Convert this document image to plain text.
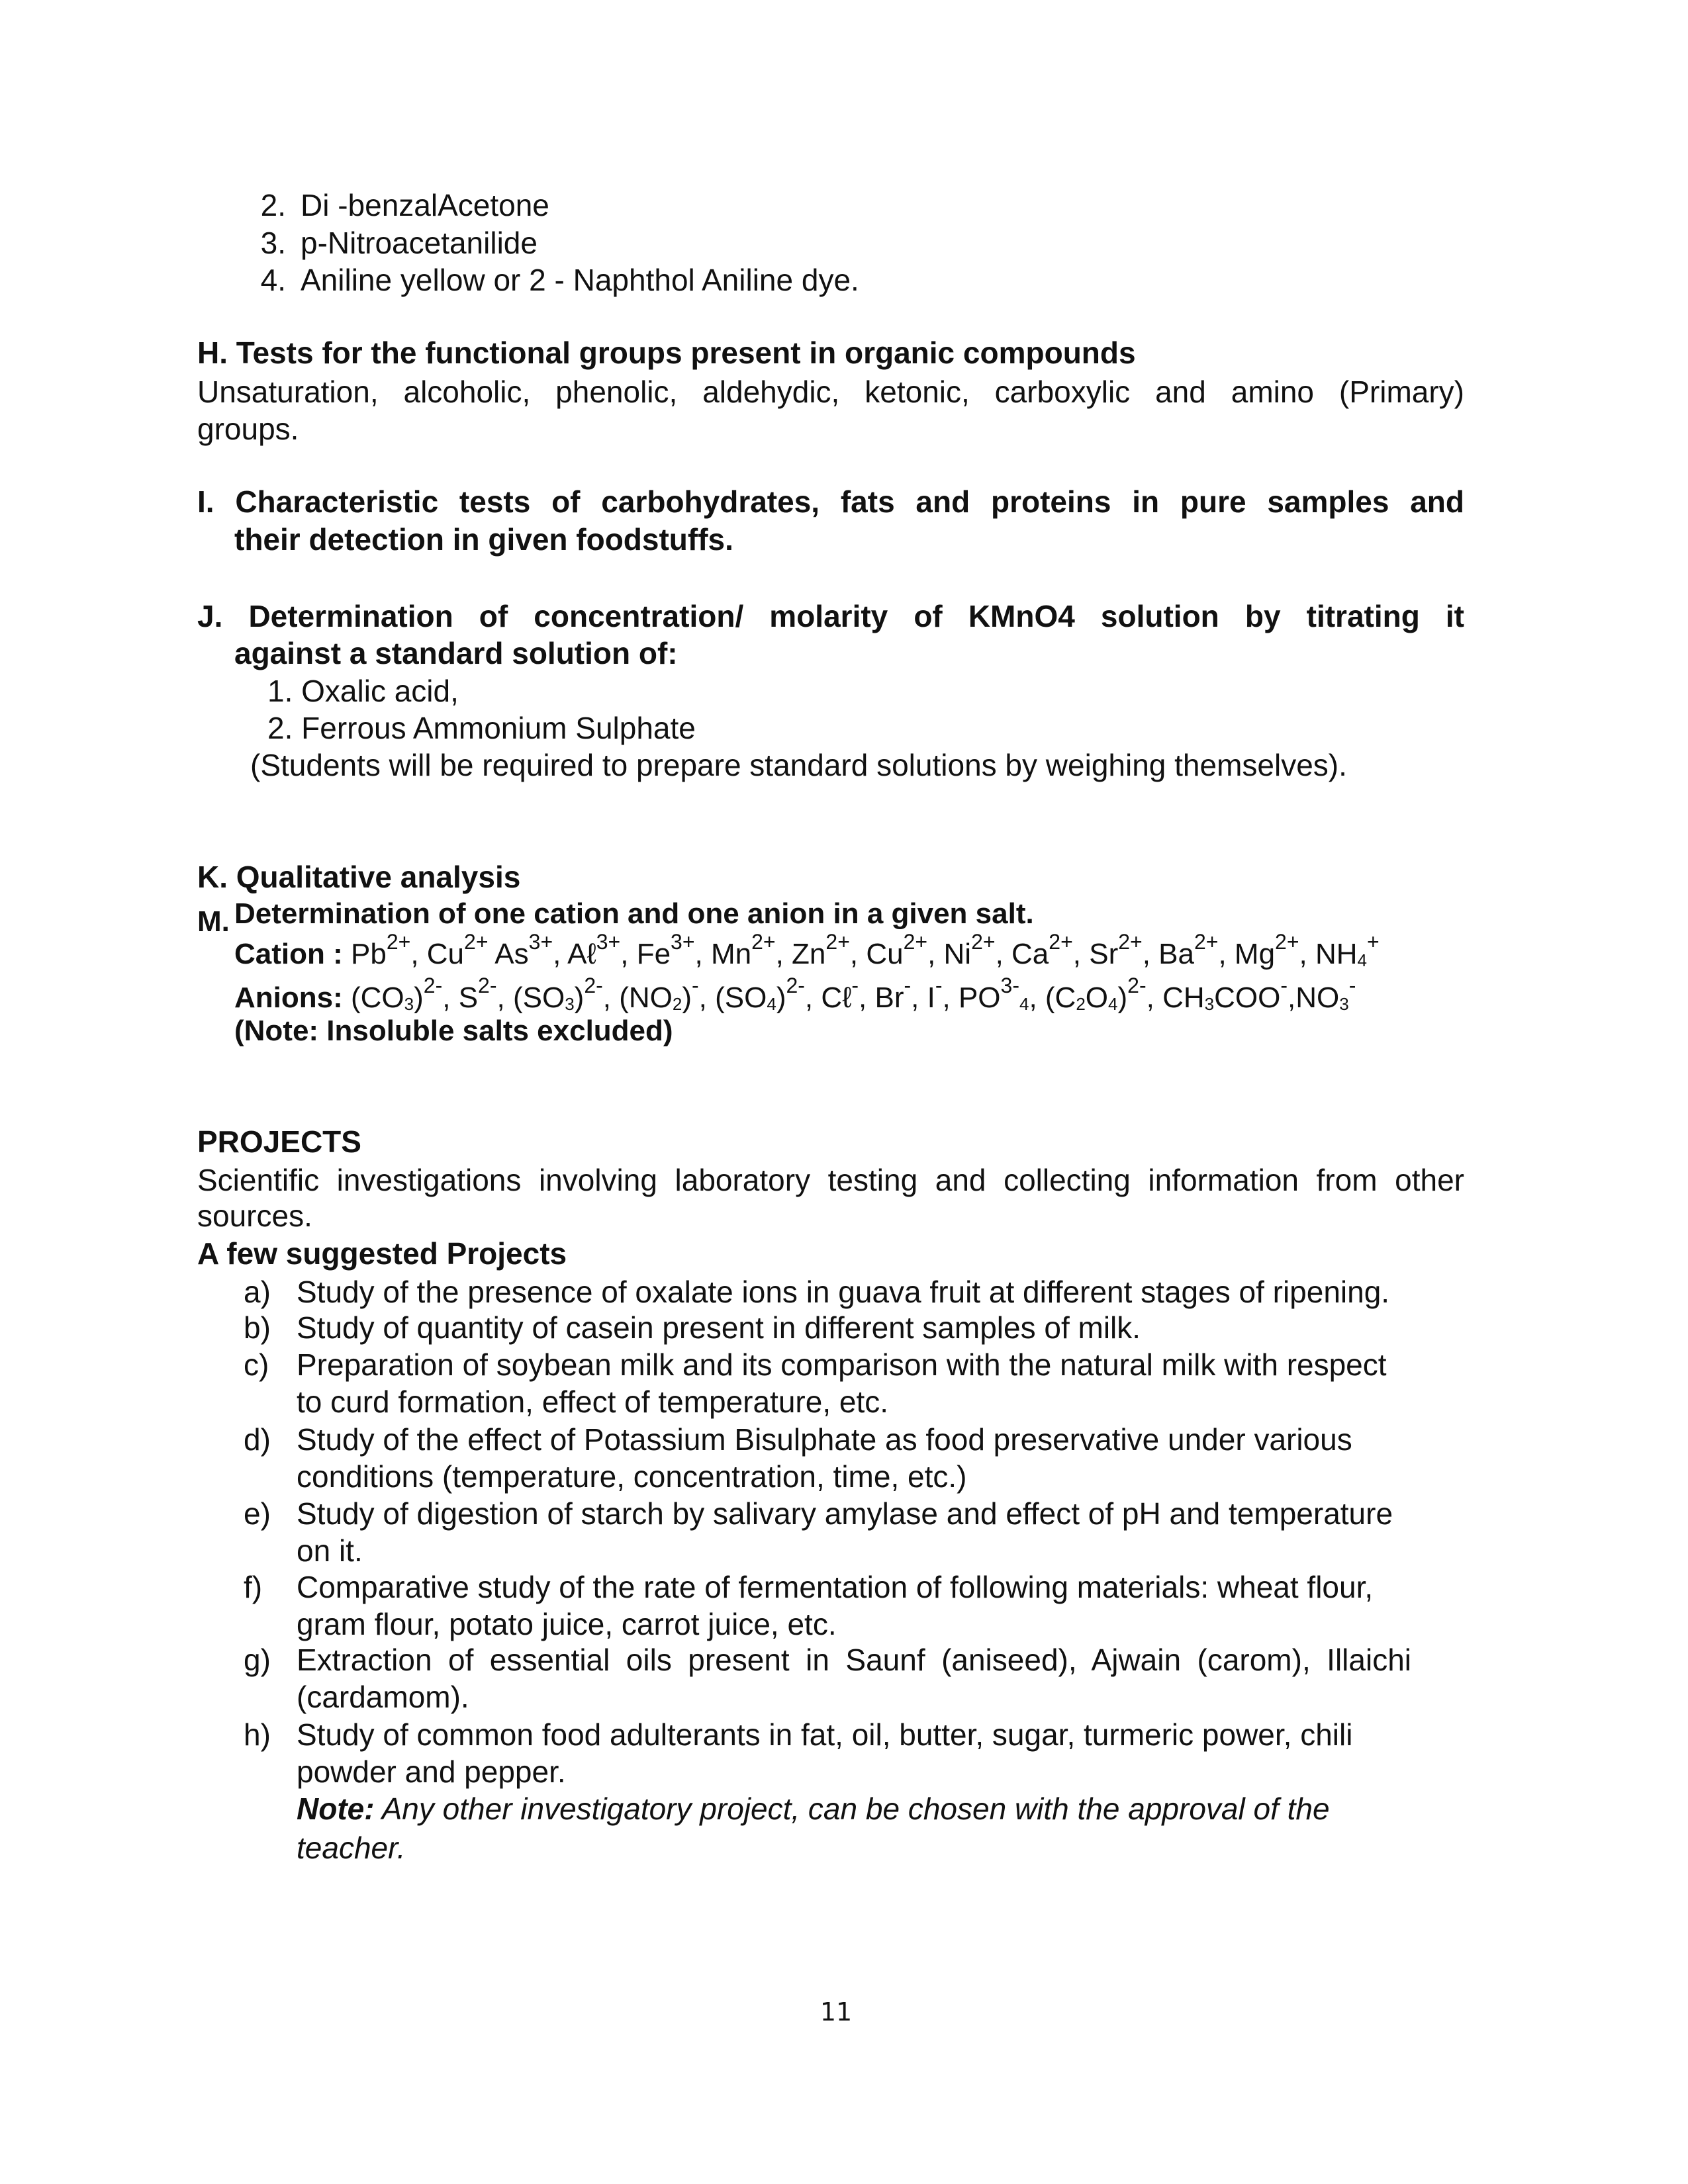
2. Di -benzalAcetone
3. p-Nitroacetanilide
4. Aniline yellow or 2 - Naphthol Aniline dye.
H. Tests for the functional groups present in organic compounds
Unsaturation, alcoholic, phenolic, aldehydic, ketonic, carboxylic and amino (Primary)
groups.
I. Characteristic tests of carbohydrates, fats and proteins in pure samples and
their detection in given foodstuffs.
J. Determination of concentration/ molarity of KMnO4 solution by titrating it
against a standard solution of:
1. Oxalic acid,
2. Ferrous Ammonium Sulphate
(Students will be required to prepare standard solutions by weighing themselves).
K. Qualitative analysis
M. Determination of one cation and one anion in a given salt.
Cation : $Pb^{2+}$, $Cu^{2+}$ $As^{3+}$, Aℓ$^{3+}$, $Fe^{3+}$, $Mn^{2+}$, $Zn^{2+}$, $Cu^{2+}$, $Ni^{2+}$, $Ca^{2+}$, $Sr^{2+}$, $Ba^{2+}$, $Mg^{2+}$, $NH_4^+$
Anions: $(CO_3)^{2-}$, $S^{2-}$, $(SO_3)^{2-}$, $(NO_2)^-$, $(SO_4)^{2-}$, Cℓ-, Br-, I-, $PO^{3-}_4$, $(C_2O_4)^{2-}$, $CH_3COO^-,NO_3^-$
(Note: Insoluble salts excluded)
PROJECTS
Scientific investigations involving laboratory testing and collecting information from other
sources.
A few suggested Projects
a) Study of the presence of oxalate ions in guava fruit at different stages of ripening.
b) Study of quantity of casein present in different samples of milk.
c) Preparation of soybean milk and its comparison with the natural milk with respect
to curd formation, effect of temperature, etc.
d) Study of the effect of Potassium Bisulphate as food preservative under various
conditions (temperature, concentration, time, etc.)
e) Study of digestion of starch by salivary amylase and effect of pH and temperature
on it.
f) Comparative study of the rate of fermentation of following materials: wheat flour,
gram flour, potato juice, carrot juice, etc.
g) Extraction of essential oils present in Saunf (aniseed), Ajwain (carom), Illaichi
(cardamom).
h) Study of common food adulterants in fat, oil, butter, sugar, turmeric power, chili
powder and pepper.
Note: Any other investigatory project, can be chosen with the approval of the
teacher.
11
